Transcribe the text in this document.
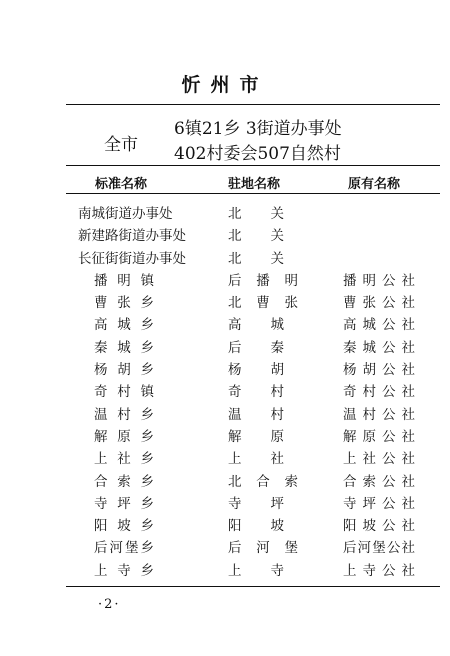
忻州市
全市
6镇21乡 3街道办事处
402村委会507自然村
标准名称	驻地名称	原有名称
南城街道办事处	北 关
新建路街道办事处	北 关
长征街街道办事处	北 关
播 明 镇	后 播 明	播 明 公 社
曹 张 乡	北 曹 张	曹 张 公 社
高 城 乡	高 城	高 城 公 社
秦 城 乡	后 秦	秦 城 公 社
杨 胡 乡	杨 胡	杨 胡 公 社
奇 村 镇	奇 村	奇 村 公 社
温 村 乡	温 村	温 村 公 社
解 原 乡	解 原	解 原 公 社
上 社 乡	上 社	上 社 公 社
合 索 乡	北 合 索	合 索 公 社
寺 坪 乡	寺 坪	寺 坪 公 社
阳 坡 乡	阳 坡	阳 坡 公 社
后 河 堡 乡	后 河 堡	后 河 堡 公 社
上 寺 乡	上 寺	上 寺 公 社
·2·
